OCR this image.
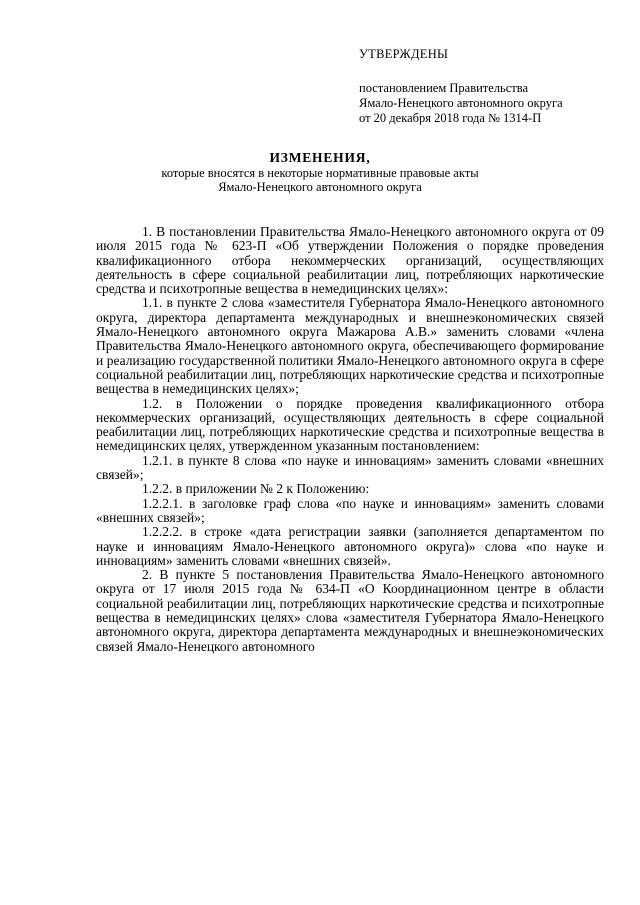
УТВЕРЖДЕНЫ
постановлением Правительства
Ямало-Ненецкого автономного округа
от 20 декабря 2018 года № 1314-П
ИЗМЕНЕНИЯ,
которые вносятся в некоторые нормативные правовые акты
Ямало-Ненецкого автономного округа

1. В постановлении Правительства Ямало-Ненецкого автономного округа от 09 июля 2015 года № 623-П «Об утверждении Положения о порядке проведения квалификационного отбора некоммерческих организаций, осуществляющих деятельность в сфере социальной реабилитации лиц, потребляющих наркотические средства и психотропные вещества в немедицинских целях»:

1.1. в пункте 2 слова «заместителя Губернатора Ямало-Ненецкого автономного округа, директора департамента международных и внешнеэкономических связей Ямало-Ненецкого автономного округа Мажарова А.В.» заменить словами «члена Правительства Ямало-Ненецкого автономного округа, обеспечивающего формирование и реализацию государственной политики Ямало-Ненецкого автономного округа в сфере социальной реабилитации лиц, потребляющих наркотические средства и психотропные вещества в немедицинских целях»;

1.2. в Положении о порядке проведения квалификационного отбора некоммерческих организаций, осуществляющих деятельность в сфере социальной реабилитации лиц, потребляющих наркотические средства и психотропные вещества в немедицинских целях, утвержденном указанным постановлением:

1.2.1. в пункте 8 слова «по науке и инновациям» заменить словами «внешних связей»;

1.2.2. в приложении № 2 к Положению:

1.2.2.1. в заголовке граф слова «по науке и инновациям» заменить словами «внешних связей»;

1.2.2.2. в строке «дата регистрации заявки (заполняется департаментом по науке и инновациям Ямало-Ненецкого автономного округа)» слова «по науке и инновациям» заменить словами «внешних связей».

2. В пункте 5 постановления Правительства Ямало-Ненецкого автономного округа от 17 июля 2015 года № 634-П «О Координационном центре в области социальной реабилитации лиц, потребляющих наркотические средства и психотропные вещества в немедицинских целях» слова «заместителя Губернатора Ямало-Ненецкого автономного округа, директора департамента международных и внешнеэкономических связей Ямало-Ненецкого автономного
